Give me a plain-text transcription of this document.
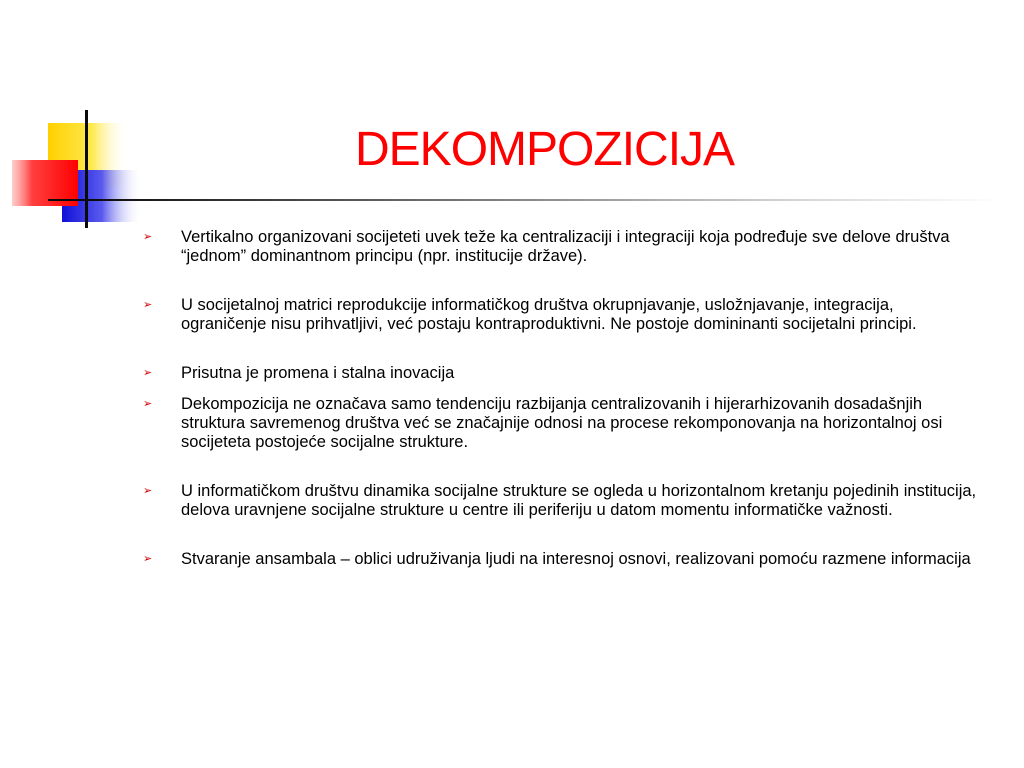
DEKOMPOZICIJA
➢ Vertikalno organizovani socijeteti uvek teže ka centralizaciji i integraciji koja podređuje sve delove društva “jednom” dominantnom principu (npr. institucije države).
➢ U socijetalnoj matrici reprodukcije informatičkog društva okrupnjavanje, usložnjavanje, integracija, ograničenje nisu prihvatljivi, već postaju kontraproduktivni. Ne postoje domininanti socijetalni principi.
➢ Prisutna je promena i stalna inovacija
➢ Dekompozicija ne označava samo tendenciju razbijanja centralizovanih i hijerarhizovanih dosadašnjih struktura savremenog društva već se značajnije odnosi na procese rekomponovanja na horizontalnoj osi socijeteta postojeće socijalne strukture.
➢ U informatičkom društvu dinamika socijalne strukture se ogleda u horizontalnom kretanju pojedinih institucija, delova uravnjene socijalne strukture u centre ili periferiju u datom momentu informatičke važnosti.
➢ Stvaranje ansambala – oblici udruživanja ljudi na interesnoj osnovi, realizovani pomoću razmene informacija
